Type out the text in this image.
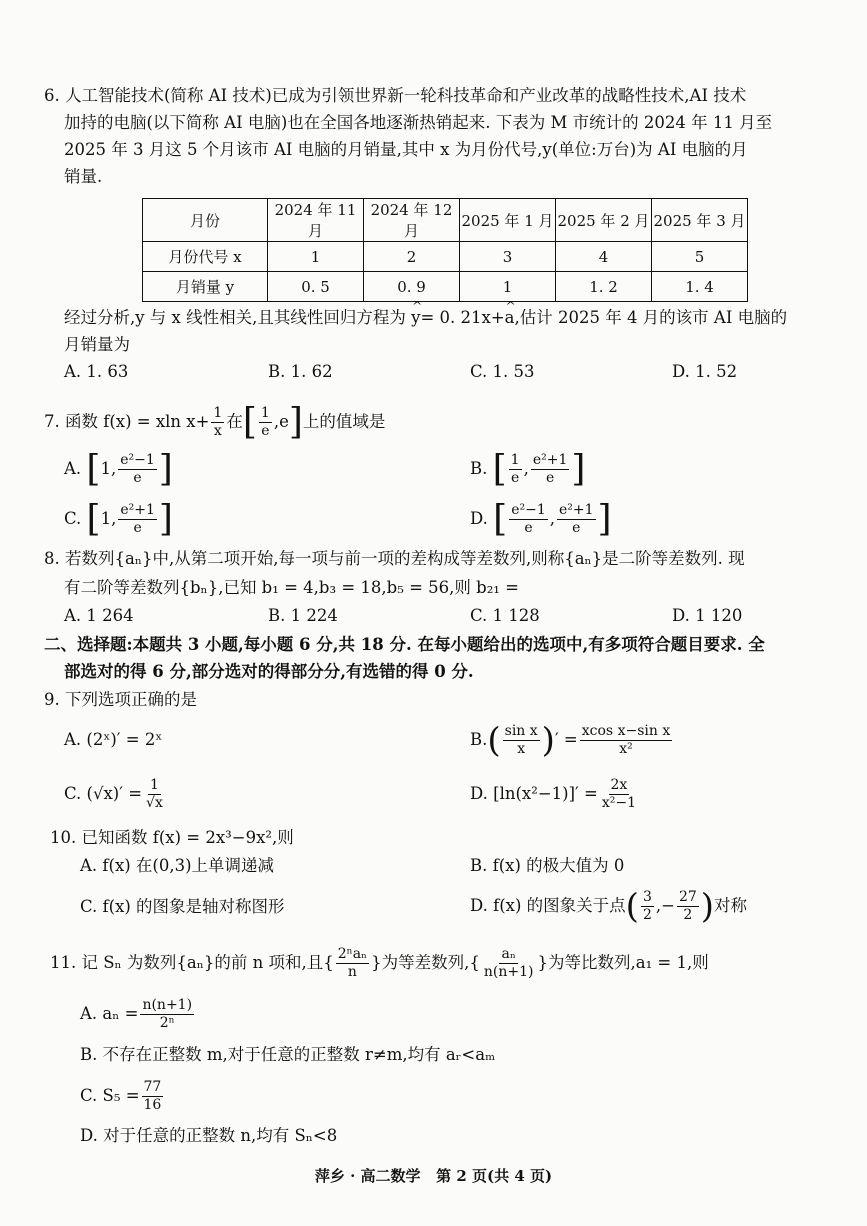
6. 人工智能技术(简称 AI 技术)已成为引领世界新一轮科技革命和产业改革的战略性技术,AI 技术
加持的电脑(以下简称 AI 电脑)也在全国各地逐渐热销起来. 下表为 M 市统计的 2024 年 11 月至
2025 年 3 月这 5 个月该市 AI 电脑的月销量,其中 x 为月份代号,y(单位:万台)为 AI 电脑的月
销量.
月份	2024 年 11 月	2024 年 12 月	2025 年 1 月	2025 年 2 月	2025 年 3 月
月份代号 x	1	2	3	4	5
月销量 y	0. 5	0. 9	1	1. 2	1. 4
经过分析,y 与 x 线性相关,且其线性回归方程为 ^ y= 0. 21x+^ a,估计 2025 年 4 月的该市 AI 电脑的
月销量为
A. 1. 63	B. 1. 62	C. 1. 53	D. 1. 52
7. 函数 f(x) = xln $x+ \frac{1}{x}$ 在[ $\frac{1}{e} ,e$]上的值域是
A. [1, $\frac{\text{e²−1}}{e}$ ]	B. [ $\frac{1}{e}$ , $\frac{\text{e²+1}}{e}$ ]
C. [1, $\frac{\text{e²+1}}{e}$ ]	D. [ $\frac{\text{e²−1}}{e}$ , $\frac{\text{e²+1}}{e}$ ]
8. 若数列{aₙ}中,从第二项开始,每一项与前一项的差构成等差数列,则称{aₙ}是二阶等差数列. 现
有二阶等差数列{bₙ},已知 b₁ = 4,b₃ = 18,b₅ = 56,则 b₂₁ =
A. 1 264	B. 1 224	C. 1 128	D. 1 120
二、选择题:本题共 3 小题,每小题 6 分,共 18 分. 在每小题给出的选项中,有多项符合题目要求. 全
部选对的得 6 分,部分选对的得部分分,有选错的得 0 分.
9. 下列选项正确的是
A. (2ˣ)′ = 2ˣ	$B.( \frac{\text{sin x}}{x}$ )′ = $\frac{\text{xcos x−sin x}}{\text{x²}}$
C. $(√x)' = \frac{1}{√x}$	D. $[\ln(x^2-1)]' = \frac{2x}{\text{x²−1}}$
10. 已知函数 f(x) = 2x³−9x²,则
A. f(x) 在(0,3)上单调递减	B. f(x) 的极大值为 0
C. f(x) 的图象是轴对称图形	D. f(x) 的图象关于点( $\frac{3}{2}$ ,− $\frac{27}{2}$ )对称
11. 记 Sₙ 为数列{aₙ}的前 n 项和,且{ $\frac{\text{2ⁿaₙ}}{n}$ }为等差数列,{ $\frac{\text{aₙ}}{n(n+1)}$ }为等比数列,a₁ = 1,则
A. $a_n = \frac{n(n+1)}{\text{2ⁿ}}$
B. 不存在正整数 m,对于任意的正整数 r≠m,均有 aᵣ<aₘ
C. $S_5 = \frac{77}{16}$
D. 对于任意的正整数 n,均有 Sₙ<8
萍乡 · 高二数学   第 2 页(共 4 页)
